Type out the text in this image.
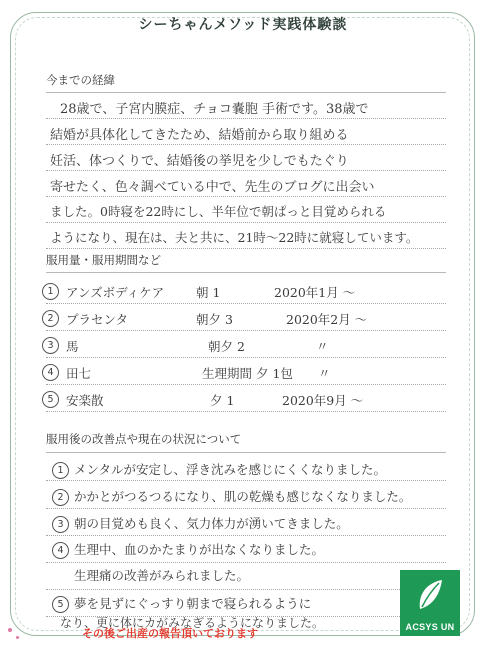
シーちゃんメソッド実践体験談
今までの経緯
28歳で、子宮内膜症、チョコ嚢胞 手術です。38歳で
結婚が具体化してきたため、結婚前から取り組める
妊活、体つくりで、結婚後の挙児を少しでもたぐり
寄せたく、色々調べている中で、先生のブログに出会い
ました。0時寝を22時にし、半年位で朝ぱっと目覚められる
ようになり、現在は、夫と共に、21時〜22時に就寝しています。
服用量・服用期間など
1 アンズボディケア	朝 1	2020年1月 〜
2 プラセンタ	朝夕 3	2020年2月 〜
3 馬	朝夕 2	〃
4 田七	生理期間 夕 1包 〃
5 安楽散	夕 1	2020年9月 〜
服用後の改善点や現在の状況について
1 メンタルが安定し、浮き沈みを感じにくくなりました。
2 かかとがつるつるになり、肌の乾燥も感じなくなりました。
3 朝の目覚めも良く、気力体力が湧いてきました。
4 生理中、血のかたまりが出なくなりました。
生理痛の改善がみられました。
5 夢を見ずにぐっすり朝まで寝られるように
なり、更に体にカがみなぎるようになりました。	ACSYS UN
その後ご出産の報告頂いております
